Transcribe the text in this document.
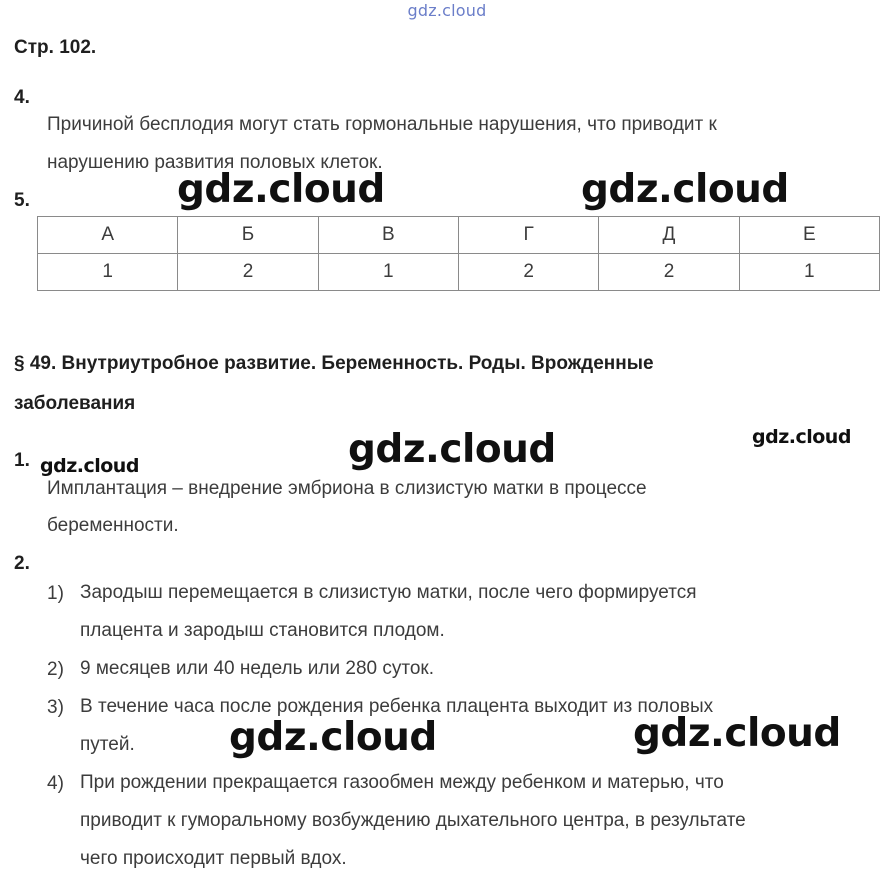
gdz.cloud
Стр. 102.
4.
Причиной бесплодия могут стать гормональные нарушения, что приводит к
нарушению развития половых клеток.
5.
А	Б	В	Г	Д	Е
1	2	1	2	2	1
§ 49. Внутриутробное развитие. Беременность. Роды. Врожденные
заболевания
1.
Имплантация – внедрение эмбриона в слизистую матки в процессе
беременности.
2.
1) Зародыш перемещается в слизистую матки, после чего формируется
плацента и зародыш становится плодом.
2) 9 месяцев или 40 недель или 280 суток.
3) В течение часа после рождения ребенка плацента выходит из половых
путей.
4) При рождении прекращается газообмен между ребенком и матерью, что
приводит к гуморальному возбуждению дыхательного центра, в результате
чего происходит первый вдох.
gdz.cloud	gdz.cloud
gdz.cloud	gdz.cloud
gdz.cloud
gdz.cloud	gdz.cloud
